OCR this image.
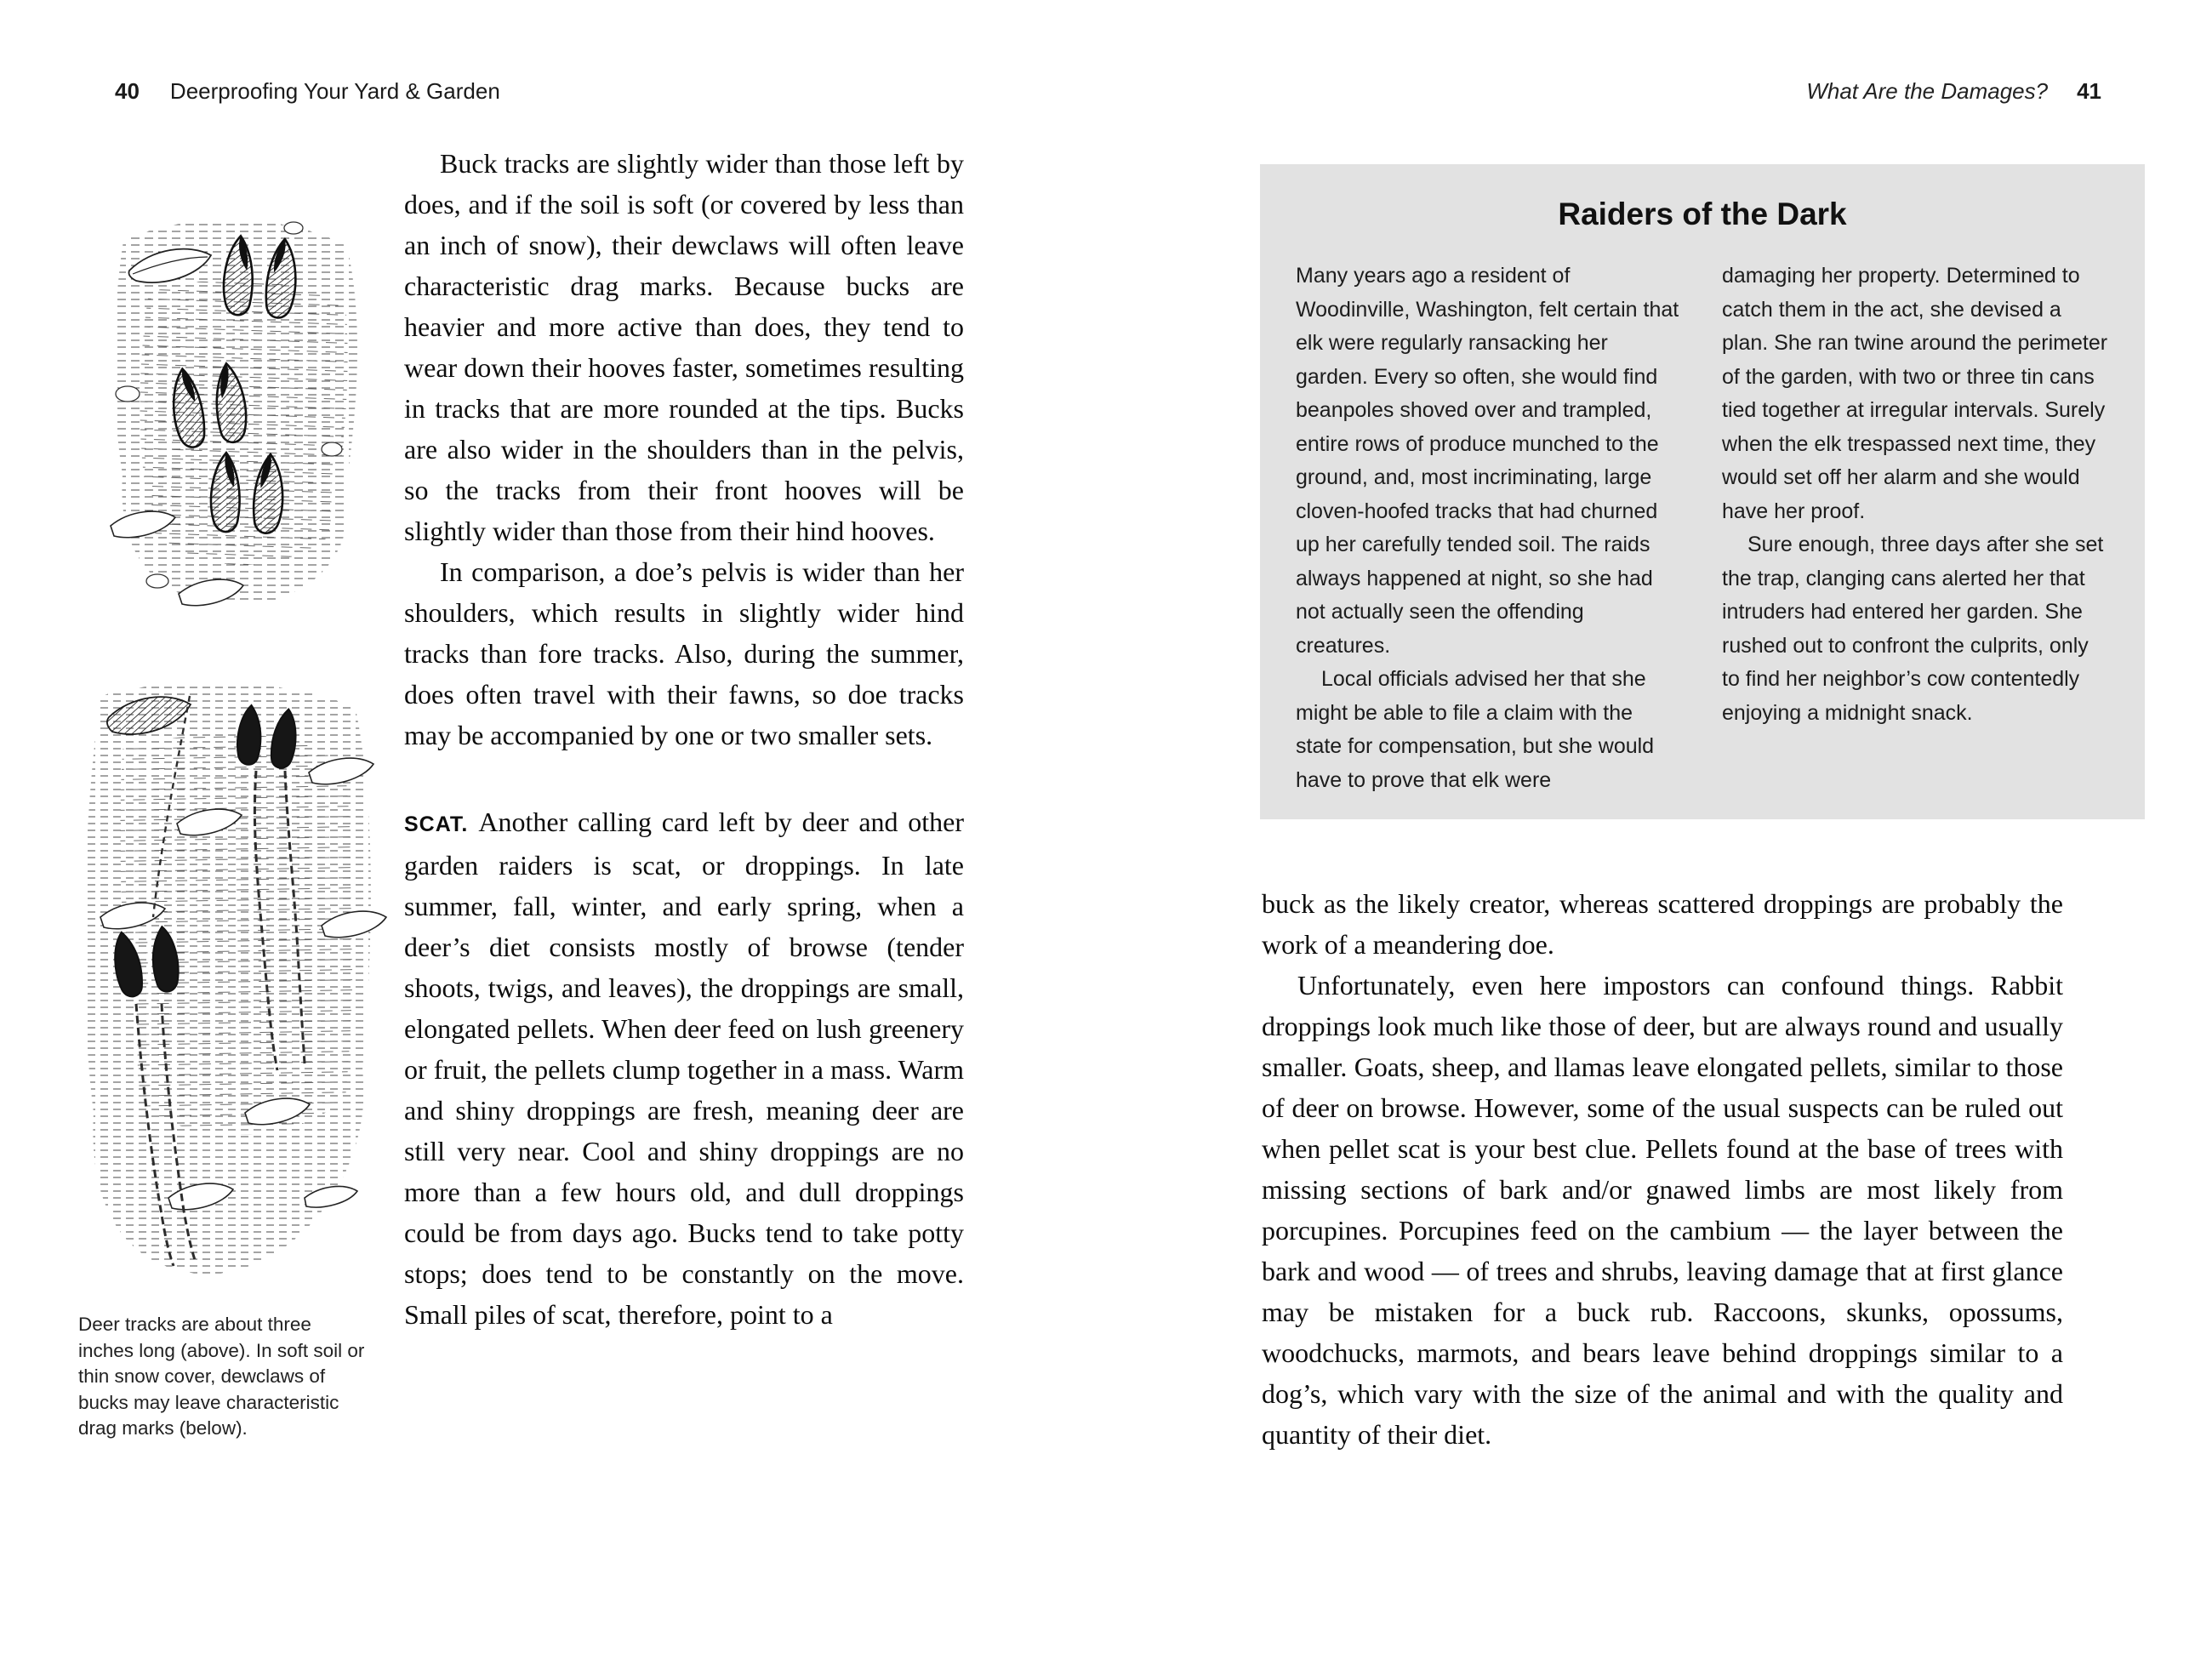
40 Deerproofing Your Yard & Garden	What Are the Damages? 41

Buck tracks are slightly wider than those left by does, and if the soil is soft (or covered by less than an inch of snow), their dewclaws will often leave characteristic drag marks. Because bucks are heavier and more active than does, they tend to wear down their hooves faster, sometimes resulting in tracks that are more rounded at the tips. Bucks are also wider in the shoulders than in the pelvis, so the tracks from their front hooves will be slightly wider than those from their hind hooves.

In comparison, a doe’s pelvis is wider than her shoulders, which results in slightly wider hind tracks than fore tracks. Also, during the summer, does often travel with their fawns, so doe tracks may be accompanied by one or two smaller sets.

SCAT. Another calling card left by deer and other garden raiders is scat, or droppings. In late summer, fall, winter, and early spring, when a deer’s diet consists mostly of browse (tender shoots, twigs, and leaves), the droppings are small, elongated pellets. When deer feed on lush greenery or fruit, the pellets clump together in a mass. Warm and shiny droppings are fresh, meaning deer are still very near. Cool and shiny droppings are no more than a few hours old, and dull droppings could be from days ago. Bucks tend to take potty stops; does tend to be constantly on the move. Small piles of scat, therefore, point to a

Deer tracks are about three inches long (above). In soft soil or thin snow cover, dewclaws of bucks may leave characteristic drag marks (below).
Raiders of the Dark

Many years ago a resident of Woodinville, Washington, felt certain that elk were regularly ransacking her garden. Every so often, she would find beanpoles shoved over and trampled, entire rows of produce munched to the ground, and, most incriminating, large cloven-hoofed tracks that had churned up her carefully tended soil. The raids always happened at night, so she had not actually seen the offending creatures.

Local officials advised her that she might be able to file a claim with the state for compensation, but she would have to prove that elk were

damaging her property. Determined to catch them in the act, she devised a plan. She ran twine around the perimeter of the garden, with two or three tin cans tied together at irregular intervals. Surely when the elk trespassed next time, they would set off her alarm and she would have her proof.

Sure enough, three days after she set the trap, clanging cans alerted her that intruders had entered her garden. She rushed out to confront the culprits, only to find her neighbor’s cow contentedly enjoying a midnight snack.

buck as the likely creator, whereas scattered droppings are probably the work of a meandering doe.

Unfortunately, even here impostors can confound things. Rabbit droppings look much like those of deer, but are always round and usually smaller. Goats, sheep, and llamas leave elongated pellets, similar to those of deer on browse. However, some of the usual suspects can be ruled out when pellet scat is your best clue. Pellets found at the base of trees with missing sections of bark and/or gnawed limbs are most likely from porcupines. Porcupines feed on the cambium — the layer between the bark and wood — of trees and shrubs, leaving damage that at first glance may be mistaken for a buck rub. Raccoons, skunks, opossums, woodchucks, marmots, and bears leave behind droppings similar to a dog’s, which vary with the size of the animal and with the quality and quantity of their diet.
